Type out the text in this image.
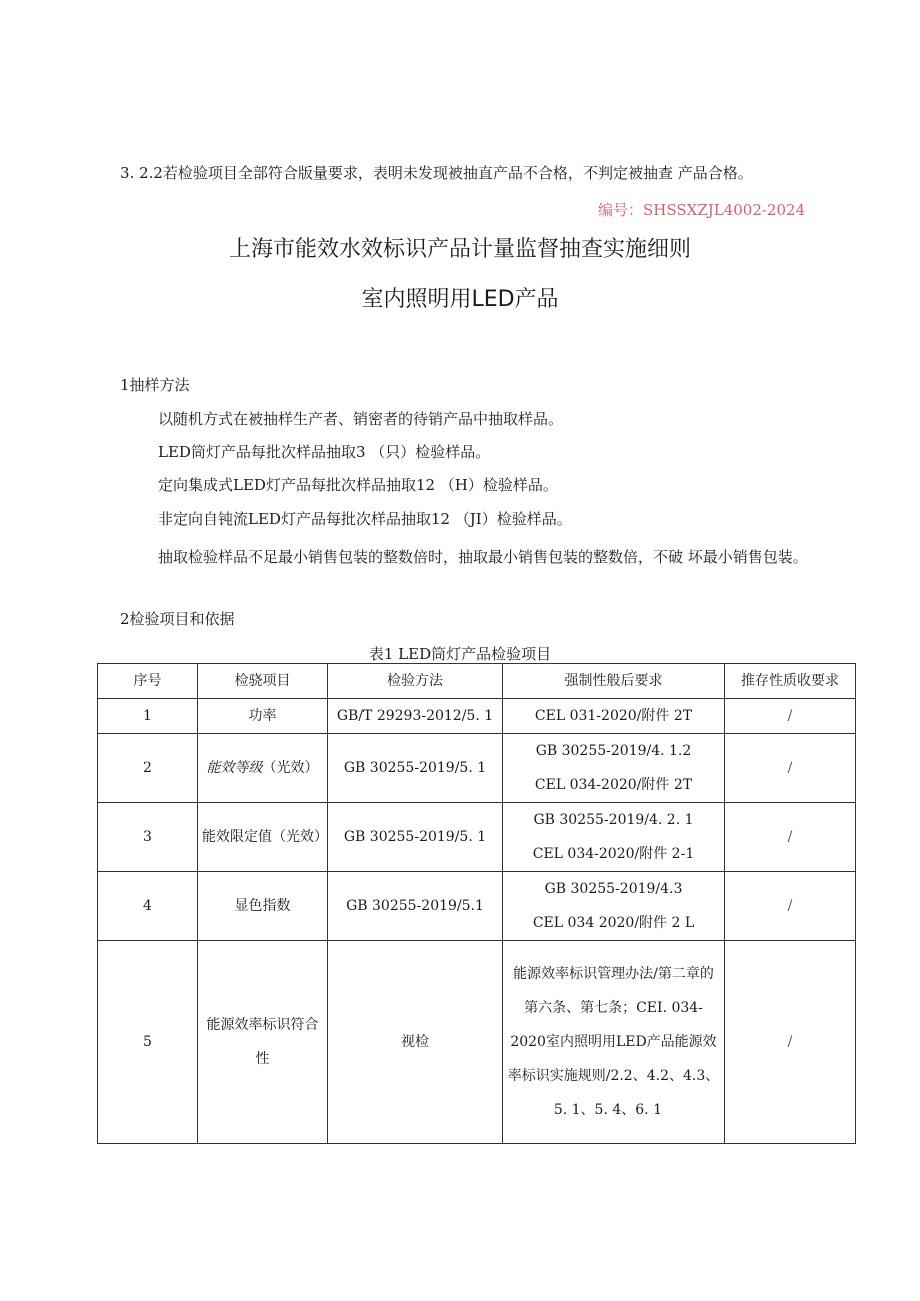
3. 2.2若检验项目全部符合版量要求，表明未发现被抽直产品不合格，不判定被抽查 产品合格。
编号：SHSSXZJL4002-2024
上海市能效水效标识产品计量监督抽查实施细则
室内照明用LED产品
1抽样方法
以随机方式在被抽样生产者、销密者的待销产品中抽取样品。
LED筒灯产品每批次样品抽取3 （只）检验样品。
定向集成式LED灯产品每批次样品抽取12 （H）检验样品。
非定向自钝流LED灯产品每批次样品抽取12 （JI）检验样品。
抽取检验样品不足最小销售包装的整数倍时，抽取最小销售包装的整数倍，不破 坏最小销售包装。
2检验项目和依据
表1 LED筒灯产品检验项目
序号	检骁项目	检验方法	强制性般后要求	推存性质收要求
1	功率	GB/T 29293-2012/5. 1	CEL 031-2020/附件 2T	/
2	能效等级（光效）	GB 30255-2019/5. 1	GB 30255-2019/4. 1.2
CEL 034-2020/附件 2T	/
3	能效限定值（光效）	GB 30255-2019/5. 1	GB 30255-2019/4. 2. 1
CEL 034-2020/附件 2-1	/
4	显色指数	GB 30255-2019/5.1	GB 30255-2019/4.3
CEL 034 2020/附件 2 L	/
5	能源效率标识符合性	视检	能源效率标识管理办法/第二章的第六条、第七条；CEI. 034-2020室内照明用LED产品能源效率标识实施规则/2.2、4.2、4.3、
5. 1、5. 4、6. 1	/
